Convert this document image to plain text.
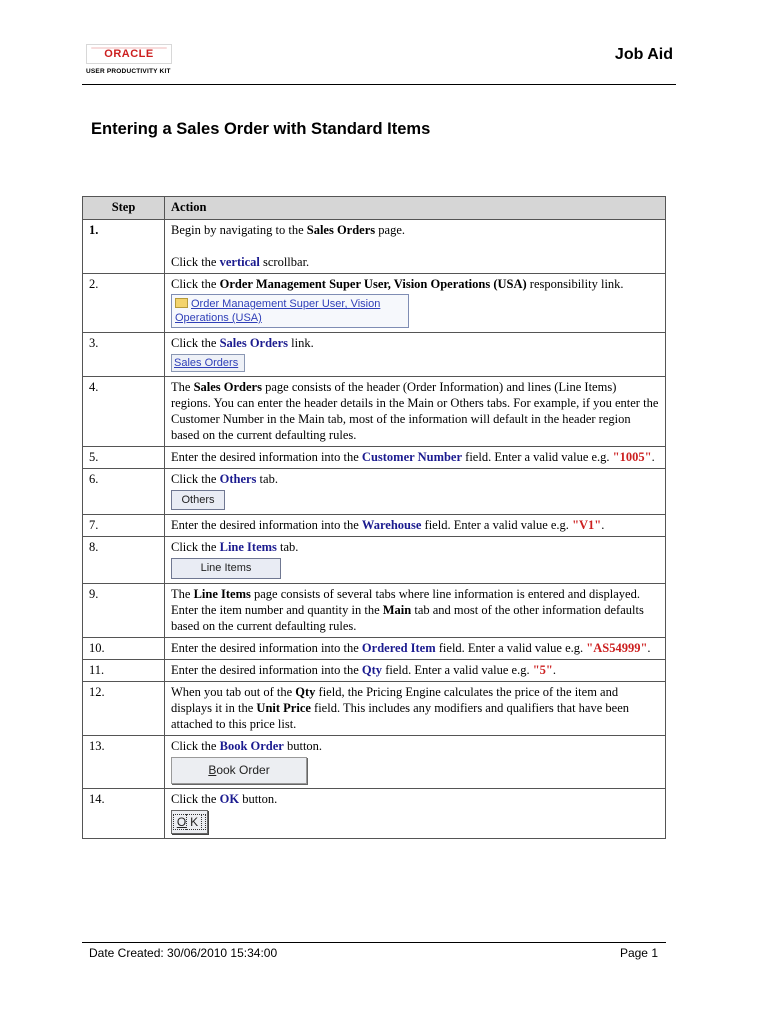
ORACLE
USER PRODUCTIVITY KIT
Job Aid
Entering a Sales Order with Standard Items
Step	Action
1.	Begin by navigating to the Sales Orders page.
Click the vertical scrollbar.
2.	Click the Order Management Super User, Vision Operations (USA) responsibility link. Order Management Super User, Vision Operations (USA)
3.	Click the Sales Orders link.
Sales Orders
4.	The Sales Orders page consists of the header (Order Information) and lines (Line Items) regions. You can enter the header details in the Main or Others tabs. For example, if you enter the Customer Number in the Main tab, most of the information will default in the header region based on the current defaulting rules.
5.	Enter the desired information into the Customer Number field. Enter a valid value e.g. "1005".
6.	Click the Others tab.
Others
7.	Enter the desired information into the Warehouse field. Enter a valid value e.g. "V1".
8.	Click the Line Items tab.
Line Items
9.	The Line Items page consists of several tabs where line information is entered and displayed. Enter the item number and quantity in the Main tab and most of the other information defaults based on the current defaulting rules.
10.	Enter the desired information into the Ordered Item field. Enter a valid value e.g. "AS54999".
11.	Enter the desired information into the Qty field. Enter a valid value e.g. "5".
12.	When you tab out of the Qty field, the Pricing Engine calculates the price of the item and displays it in the Unit Price field. This includes any modifiers and qualifiers that have been attached to this price list.
13.	Click the Book Order button.
Book Order
14.	Click the OK button.
O K
Date Created: 30/06/2010 15:34:00	Page 1
